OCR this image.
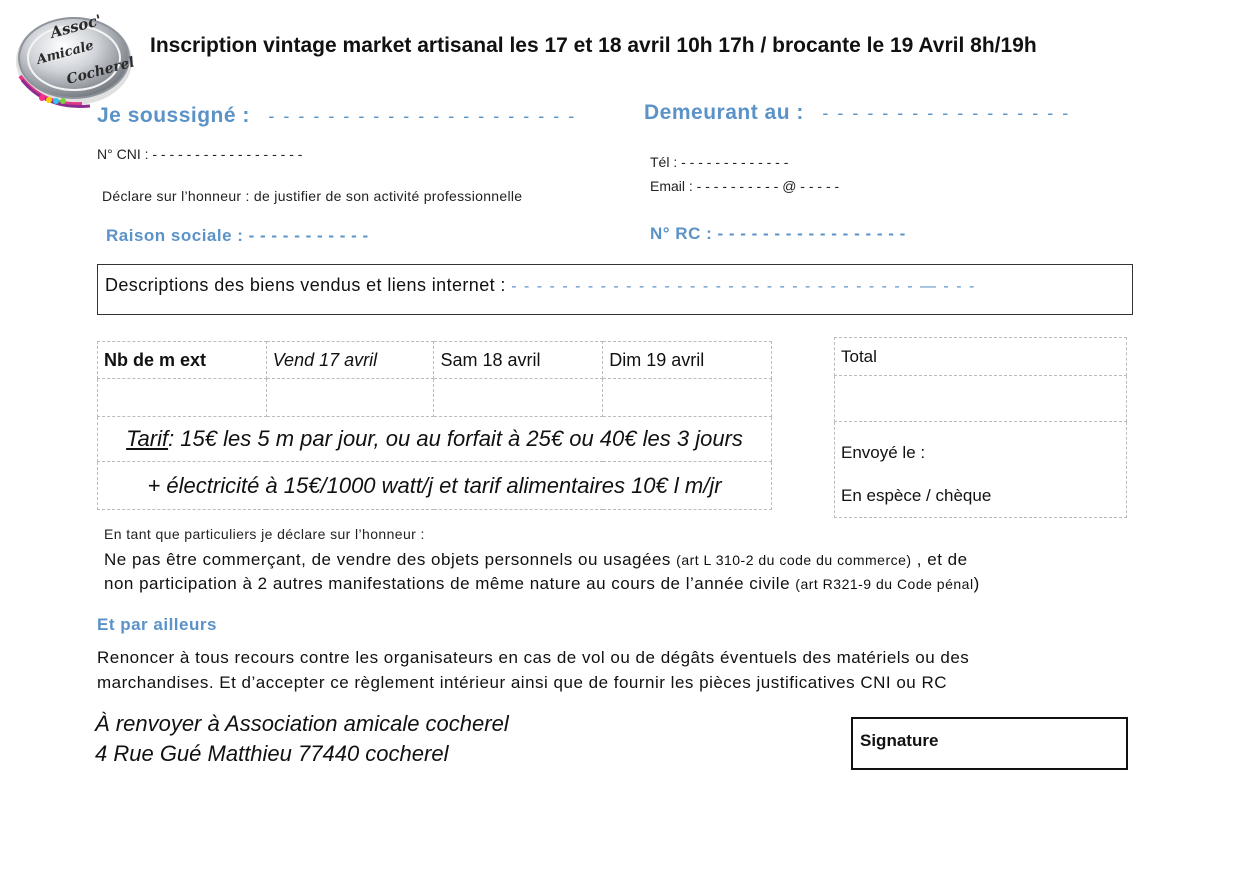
Assoc'
Amicale
Cocherel
Inscription vintage market artisanal les 17 et 18 avril 10h 17h / brocante le 19 Avril 8h/19h
Je soussigné : - - - - - - - - - - - - - - - - - - - - -
N° CNI : - - - - - - - - - - - - - - - - - -
Déclare sur l’honneur : de justifier de son activité professionnelle
Raison sociale : - - - - - - - - - - -
Demeurant au : - - - - - - - - - - - - - - - - -
Tél : - - - - - - - - - - - - -
Email : - - - - - - - - - - @ - - - - -
N° RC : - - - - - - - - - - - - - - - - -
Descriptions des biens vendus et liens internet : - - - - - - - - - - - - - - - - - - - - - - - - - - - - - - - - — - - -
Nb de m ext	Vend 17 avril	Sam 18 avril	Dim 19 avril

Tarif: 15€ les 5 m par jour, ou au forfait à 25€ ou 40€ les 3 jours			
+ électricité à 15€/1000 watt/j et tarif alimentaires 10€ l m/jr			
Total

Envoyé le :
En espèce / chèque
En tant que particuliers je déclare sur l’honneur :
Ne pas être commerçant, de vendre des objets personnels ou usagées (art L 310-2 du code du commerce) , et de
non participation à 2 autres manifestations de même nature au cours de l’année civile (art R321-9 du Code pénal)
Et par ailleurs
Renoncer à tous recours contre les organisateurs en cas de vol ou de dégâts éventuels des matériels ou des
marchandises. Et d’accepter ce règlement intérieur ainsi que de fournir les pièces justificatives CNI ou RC
À renvoyer à Association amicale cocherel
4 Rue Gué Matthieu 77440 cocherel
Signature
